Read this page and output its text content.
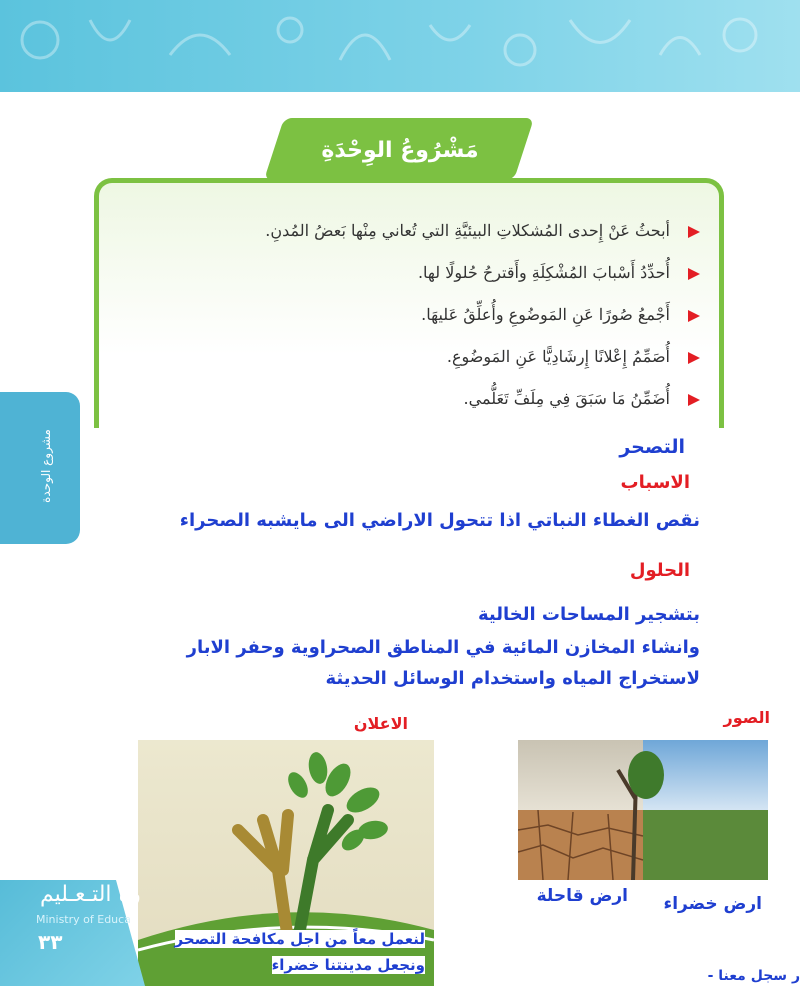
مشروع الوحدة
مَشْرُوعُ الوِحْدَةِ
أبحثُ عَنْ إِحدى المُشكلاتِ البيئيَّةِ التي تُعاني مِنْها بَعضُ المُدنِ.
أُحدِّدُ أَسْبابَ المُشْكِلَةِ وأَقترحُ حُلولًا لها.
أَجْمعُ صُورًا عَنِ المَوضُوعِ وأُعلِّقُ عَليهَا.
أُصَمِّمُ إِعْلانًا إِرشَادِيًّا عَنِ المَوضُوعِ.
أُضَمِّنُ مَا سَبَقَ فِي مِلَفِّ تَعَلُّمي.
التصحر
الاسباب
نقص الغطاء النباتي اذا تتحول الاراضي الى مايشبه الصحراء
الحلول
بتشجير المساحات الخالية
وانشاء المخازن المائية في المناطق الصحراوية وحفر الابار
لاستخراج المياه واستخدام الوسائل الحديثة
الاعلان	الصور
لنعمل معاً من اجل مكافحة التصحر
ونجعل مدينتنا خضراء
ارض خضراء
ارض قاحلة
رة التـعـليم
Ministry of Educa
٣٣
ر سجل معنا -
